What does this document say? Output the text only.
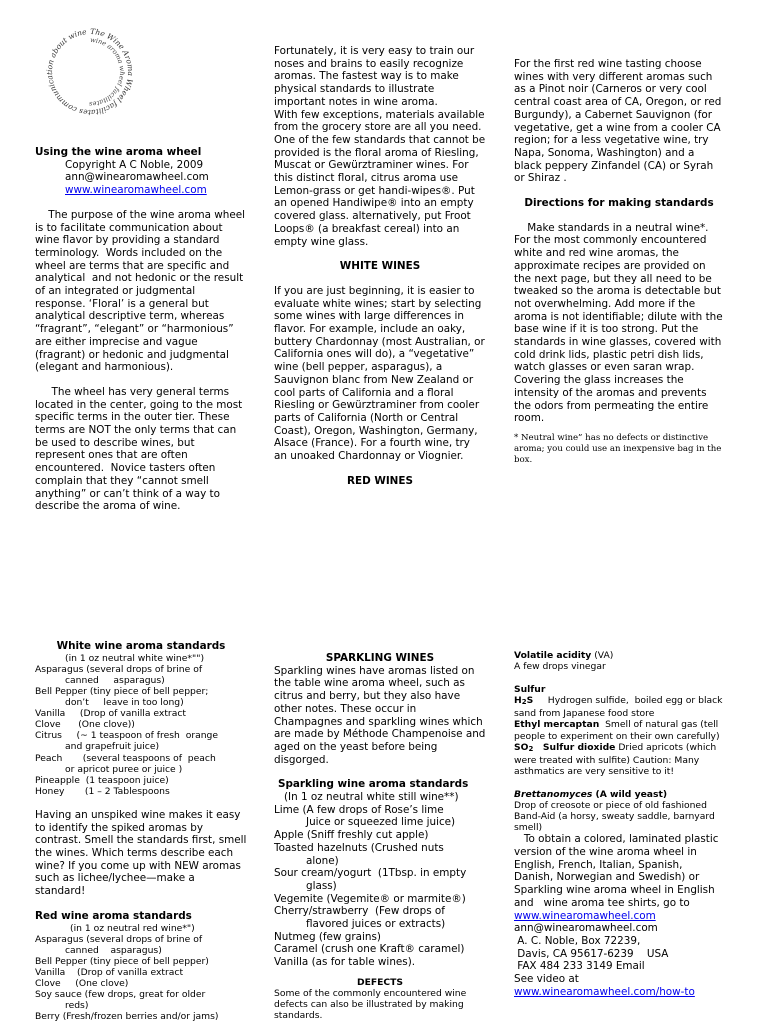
The Wine Aroma Wheel facilitates communication about wine
wine aroma wheel facilitates

Using the wine aroma wheel

Copyright A C Noble, 2009

ann@winearomawheel.com

www.winearomawheel.com

The purpose of the wine aroma wheel is to facilitate communication about wine flavor by providing a standard terminology.  Words included on the wheel are terms that are specific and analytical  and not hedonic or the result of an integrated or judgmental response. ‘Floral’ is a general but analytical descriptive term, whereas “fragrant”, “elegant” or “harmonious” are either imprecise and vague (fragrant) or hedonic and judgmental (elegant and harmonious).

The wheel has very general terms located in the center, going to the most specific terms in the outer tier. These terms are NOT the only terms that can be used to describe wines, but represent ones that are often encountered.  Novice tasters often complain that they “cannot smell anything” or can’t think of a way to describe the aroma of wine.

Fortunately, it is very easy to train our noses and brains to easily recognize aromas. The fastest way is to make physical standards to illustrate important notes in wine aroma.

With few exceptions, materials available from the grocery store are all you need. One of the few standards that cannot be provided is the floral aroma of Riesling, Muscat or Gewürztraminer wines. For this distinct floral, citrus aroma use Lemon-grass or get handi-wipes®. Put an opened Handiwipe® into an empty covered glass. alternatively, put Froot Loops® (a breakfast cereal) into an empty wine glass.

WHITE WINES

If you are just beginning, it is easier to evaluate white wines; start by selecting some wines with large differences in flavor. For example, include an oaky, buttery Chardonnay (most Australian, or California ones will do), a “vegetative” wine (bell pepper, asparagus), a Sauvignon blanc from New Zealand or cool parts of California and a floral Riesling or Gewürztraminer from cooler parts of California (North or Central Coast), Oregon, Washington, Germany, Alsace (France). For a fourth wine, try an unoaked Chardonnay or Viognier.

RED WINES

For the first red wine tasting choose wines with very different aromas such as a Pinot noir (Carneros or very cool central coast area of CA, Oregon, or red Burgundy), a Cabernet Sauvignon (for vegetative, get a wine from a cooler CA region; for a less vegetative wine, try Napa, Sonoma, Washington) and a black peppery Zinfandel (CA) or Syrah or Shiraz .

Directions for making standards

Make standards in a neutral wine*. For the most commonly encountered white and red wine aromas, the approximate recipes are provided on the next page, but they all need to be tweaked so the aroma is detectable but not overwhelming. Add more if the aroma is not identifiable; dilute with the base wine if it is too strong. Put the standards in wine glasses, covered with cold drink lids, plastic petri dish lids, watch glasses or even saran wrap. Covering the glass increases the intensity of the aromas and prevents the odors from permeating the entire room.

* Neutral wine” has no defects or distinctive aroma; you could use an inexpensive bag in the box.

White wine aroma standards

(in 1 oz neutral white wine*"")

Asparagus (several drops of brine of
canned     asparagus)
Bell Pepper (tiny piece of bell pepper;
don’t     leave in too long)
Vanilla     (Drop of vanilla extract
Clove      (One clove))
Citrus     (~ 1 teaspoon of fresh  orange
and grapefruit juice)
Peach       (several teaspoons of  peach
or apricot puree or juice )
Pineapple  (1 teaspoon juice)
Honey       (1 – 2 Tablespoons

Having an unspiked wine makes it easy to identify the spiked aromas by contrast. Smell the standards first, smell the wines. Which terms describe each wine? If you come up with NEW aromas such as lichee/lychee—make a standard!

Red wine aroma standards

(in 1 oz neutral red wine*")

Asparagus (several drops of brine of
canned    asparagus)
Bell Pepper (tiny piece of bell pepper)
Vanilla    (Drop of vanilla extract
Clove     (One clove)
Soy sauce (few drops, great for older
reds)
Berry (Fresh/frozen berries and/or jams)

SPARKLING WINES

Sparkling wines have aromas listed on the table wine aroma wheel, such as citrus and berry, but they also have other notes. These occur in Champagnes and sparkling wines which are made by Méthode Champenoise and aged on the yeast before being disgorged.

Sparkling wine aroma standards

(In 1 oz neutral white still wine**)

Lime (A few drops of Rose’s lime
Juice or squeezed lime juice)
Apple (Sniff freshly cut apple)
Toasted hazelnuts (Crushed nuts
alone)
Sour cream/yogurt  (1Tbsp. in empty
glass)
Vegemite (Vegemite® or marmite®)
Cherry/strawberry  (Few drops of
flavored juices or extracts)
Nutmeg (few grains)
Caramel (crush one Kraft® caramel)
Vanilla (as for table wines).

DEFECTS

Some of the commonly encountered wine defects can also be illustrated by making standards.

Volatile acidity (VA)

A few drops vinegar

Sulfur

H2S     Hydrogen sulfide,  boiled egg or black sand from Japanese food store

Ethyl mercaptan  Smell of natural gas (tell people to experiment on their own carefully)

SO2   Sulfur dioxide Dried apricots (which were treated with sulfite) Caution: Many asthmatics are very sensitive to it!

Brettanomyces (A wild yeast)

Drop of creosote or piece of old fashioned Band-Aid (a horsy, sweaty saddle, barnyard smell)

To obtain a colored, laminated plastic version of the wine aroma wheel in English, French, Italian, Spanish, Danish, Norwegian and Swedish) or Sparkling wine aroma wheel in English and   wine aroma tee shirts, go to

www.winearomawheel.com

ann@winearomawheel.com
A. C. Noble, Box 72239,
Davis, CA 95617-6239    USA
FAX 484 233 3149 Email
See video at

www.winearomawheel.com/how-to
